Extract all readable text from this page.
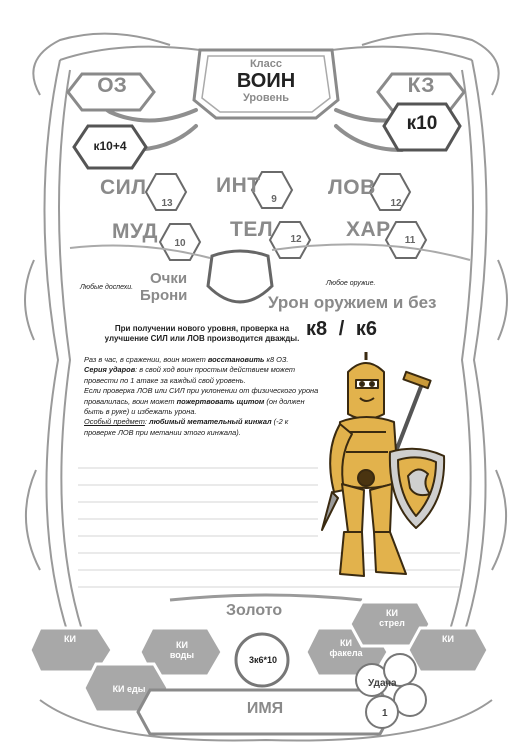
Класс
ВОИН
Уровень
ОЗ
к10+4
КЗ
к10
СИЛ
13
ИНТ
9
ЛОВ
12
МУД
10
ТЕЛ	12	ХАР	11
Любые доспехи.
Очки
Брони
Любое оружие.
Урон оружием и без
к8 / к6
При получении нового уровня, проверка на улучшение СИЛ или ЛОВ производится дважды.

Раз в час, в сражении, воин может восстановить к8 ОЗ.

Серия ударов: в свой ход воин простым действием может провести по 1 атаке за каждый свой уровень.

Если проверка ЛОВ или СИЛ при уклонении от физического урона провалилась, воин может пожертвовать щитом (он должен быть в руке) и избежать урона.

Особый предмет: любимый метательный кинжал (-2 к проверке ЛОВ при метании этого кинжала).

Золото
3к6*10
ИМЯ
КИ
КИ
воды
КИ еды
КИ
факела
КИ
стрел
КИ
Удача
1
